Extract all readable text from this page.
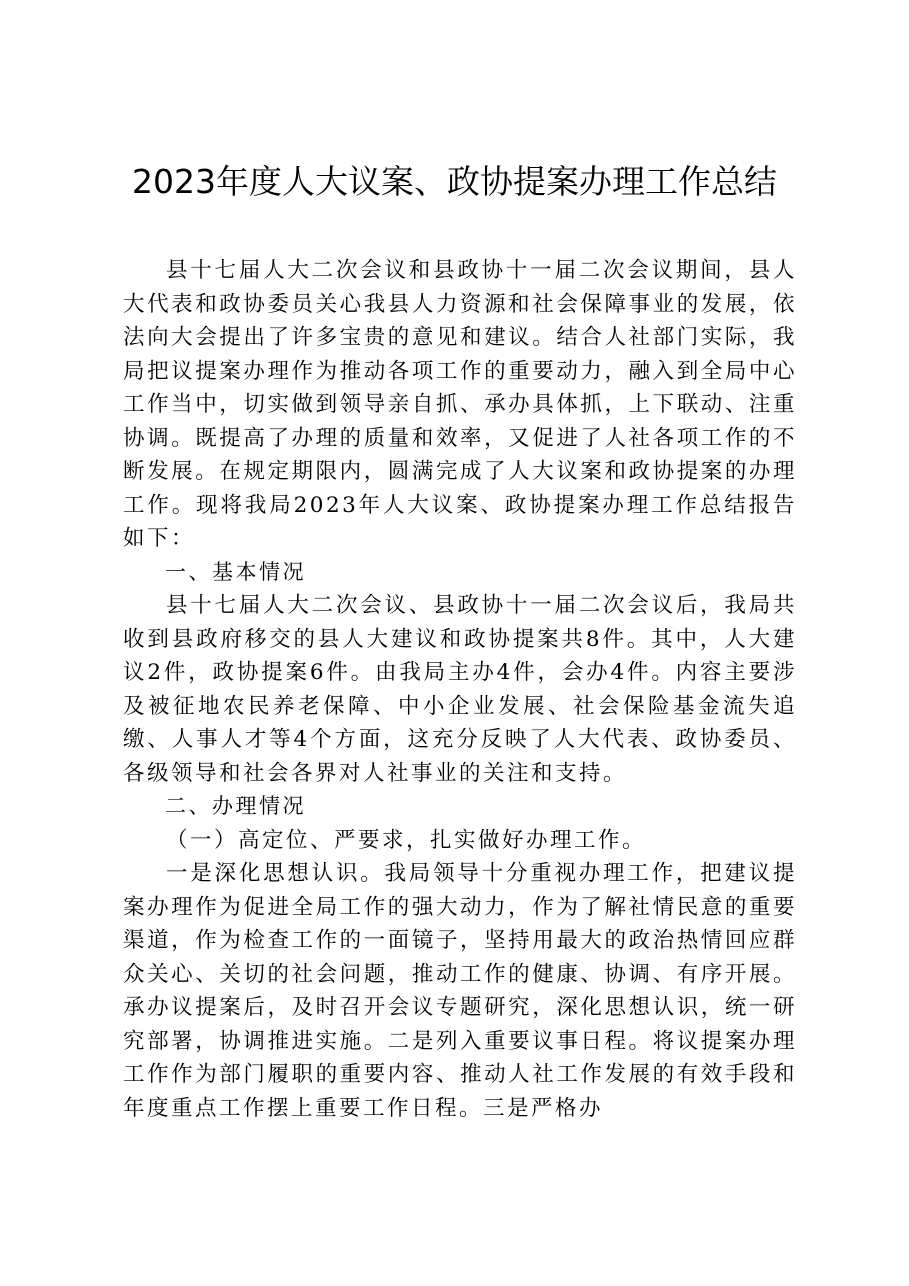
2023年度人大议案、政协提案办理工作总结

县十七届人大二次会议和县政协十一届二次会议期间，县人大代表和政协委员关心我县人力资源和社会保障事业的发展，依法向大会提出了许多宝贵的意见和建议。结合人社部门实际，我局把议提案办理作为推动各项工作的重要动力，融入到全局中心工作当中，切实做到领导亲自抓、承办具体抓，上下联动、注重协调。既提高了办理的质量和效率，又促进了人社各项工作的不断发展。在规定期限内，圆满完成了人大议案和政协提案的办理工作。现将我局2023年人大议案、政协提案办理工作总结报告如下：

一、基本情况

县十七届人大二次会议、县政协十一届二次会议后，我局共收到县政府移交的县人大建议和政协提案共8件。其中，人大建议2件，政协提案6件。由我局主办4件，会办4件。内容主要涉及被征地农民养老保障、中小企业发展、社会保险基金流失追缴、人事人才等4个方面，这充分反映了人大代表、政协委员、各级领导和社会各界对人社事业的关注和支持。

二、办理情况

（一）高定位、严要求，扎实做好办理工作。

一是深化思想认识。我局领导十分重视办理工作，把建议提案办理作为促进全局工作的强大动力，作为了解社情民意的重要渠道，作为检查工作的一面镜子，坚持用最大的政治热情回应群众关心、关切的社会问题，推动工作的健康、协调、有序开展。承办议提案后，及时召开会议专题研究，深化思想认识，统一研究部署，协调推进实施。二是列入重要议事日程。将议提案办理工作作为部门履职的重要内容、推动人社工作发展的有效手段和年度重点工作摆上重要工作日程。三是严格办
